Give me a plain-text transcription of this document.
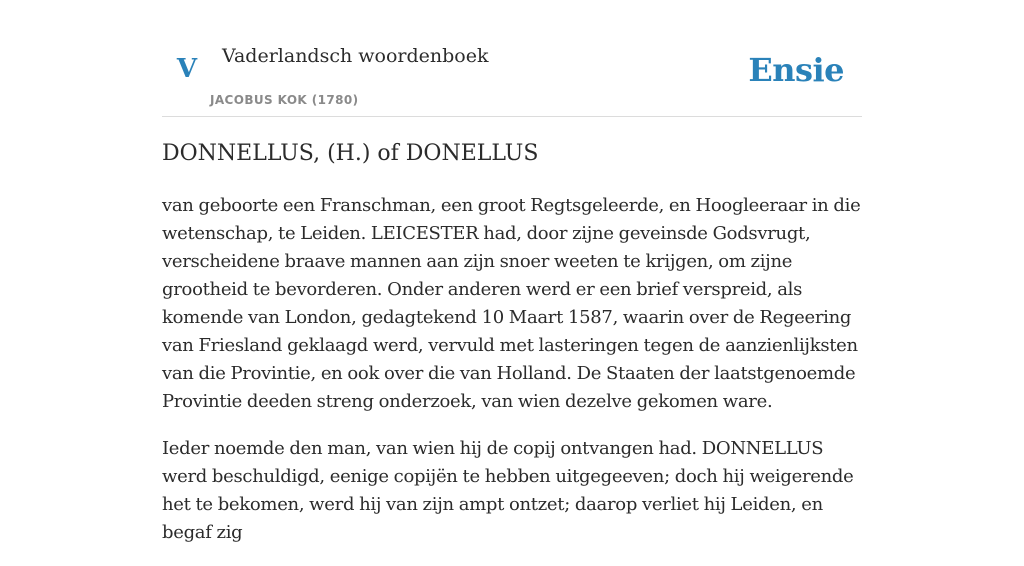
V Vaderlandsch woordenboek
JACOBUS KOK (1780)
Ensie
DONNELLUS, (H.) of DONELLUS

van geboorte een Franschman, een groot Regtsgeleerde, en Hoogleeraar in die wetenschap, te Leiden. LEICESTER had, door zijne geveinsde Godsvrugt, verscheidene braave mannen aan zijn snoer weeten te krijgen, om zijne grootheid te bevorderen. Onder anderen werd er een brief verspreid, als komende van London, gedagtekend 10 Maart 1587, waarin over de Regeering van Friesland geklaagd werd, vervuld met lasteringen tegen de aanzienlijksten van die Provintie, en ook over die van Holland. De Staaten der laatstgenoemde Provintie deeden streng onderzoek, van wien dezelve gekomen ware.

Ieder noemde den man, van wien hij de copij ontvangen had. DONNELLUS werd beschuldigd, eenige copijën te hebben uitgegeeven; doch hij weigerende het te bekomen, werd hij van zijn ampt ontzet; daarop verliet hij Leiden, en begaf zig
